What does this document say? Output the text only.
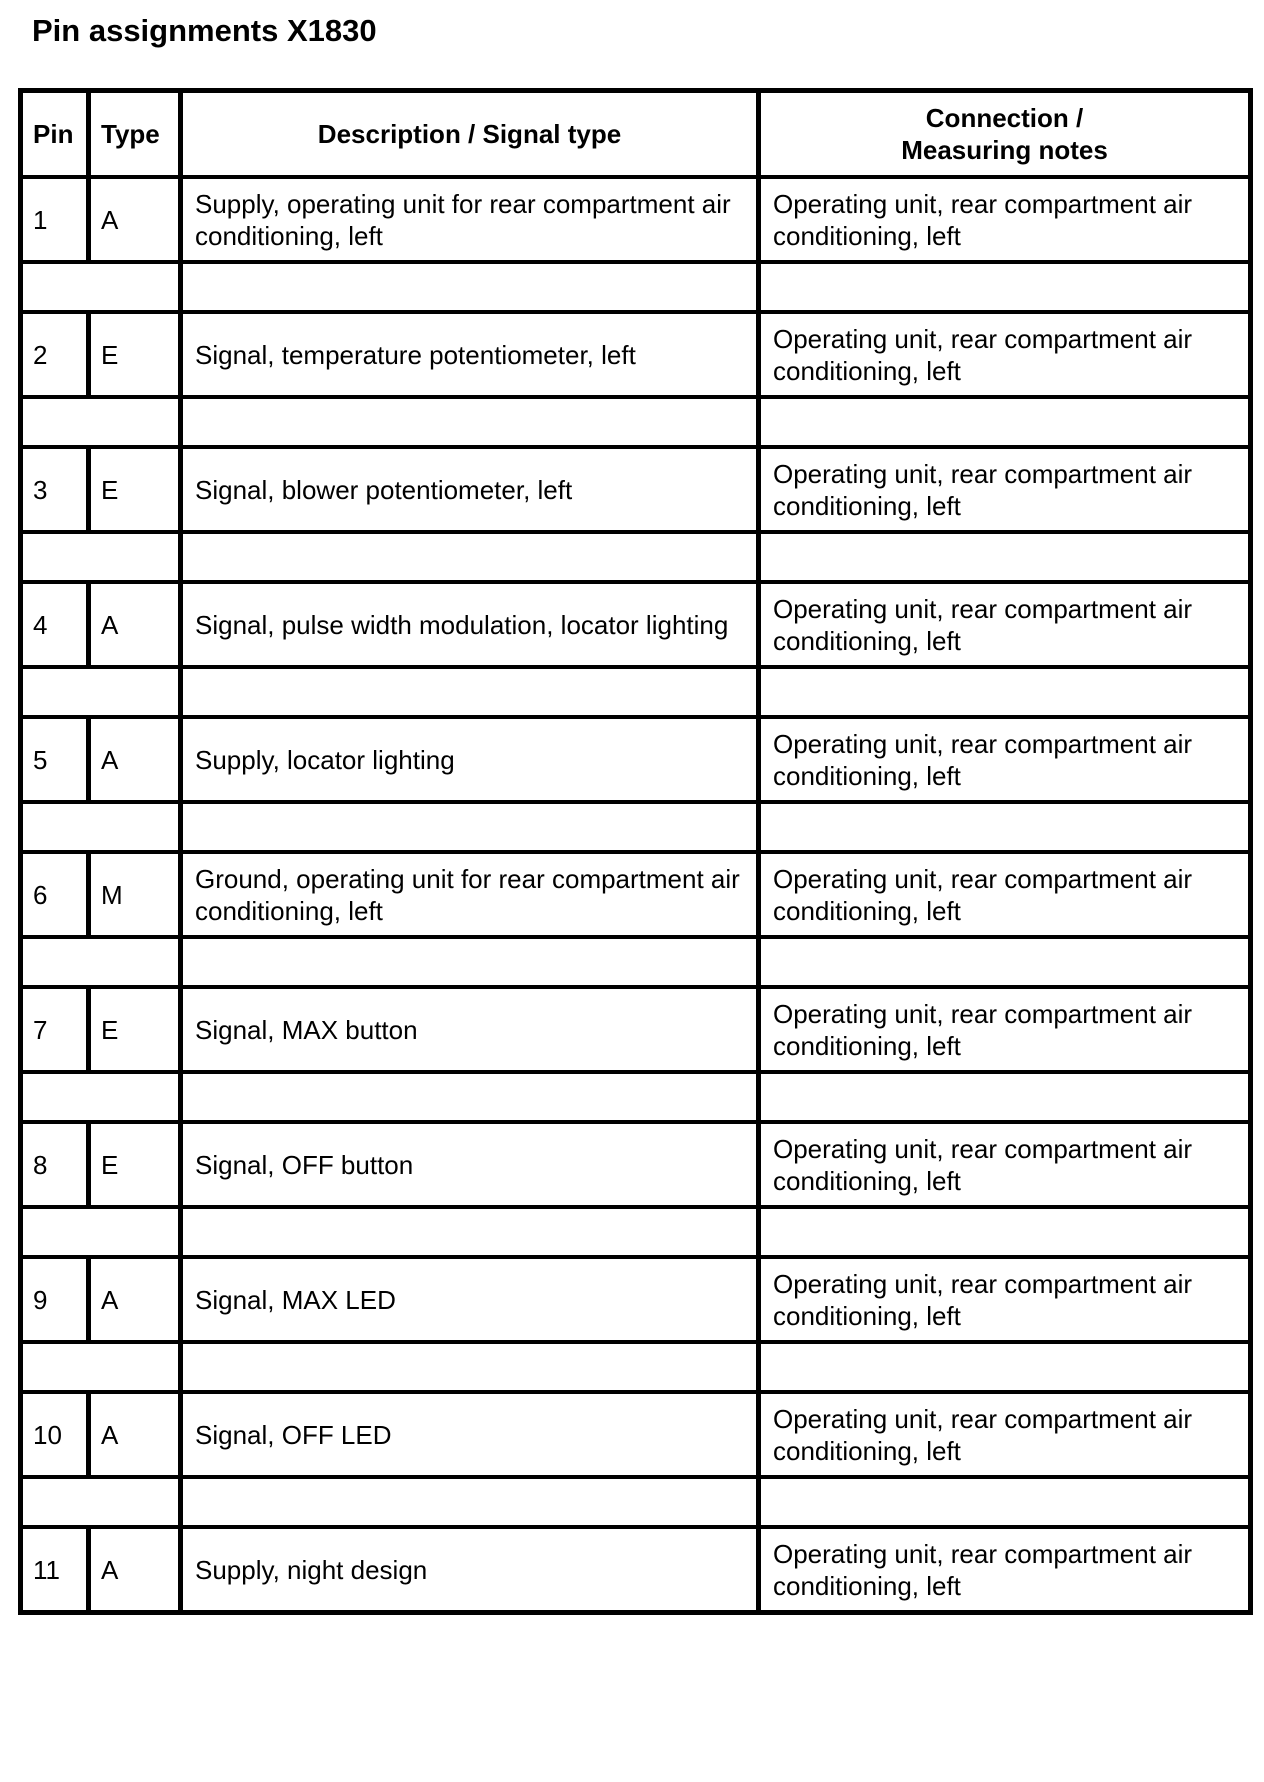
Pin assignments X1830
Pin	Type	Description / Signal type	Connection /
Measuring notes

1	A	Supply, operating unit for rear compartment air conditioning, left	Operating unit, rear compartment air conditioning, left

2	E	Signal, temperature potentiometer, left	Operating unit, rear compartment air conditioning, left

3	E	Signal, blower potentiometer, left	Operating unit, rear compartment air conditioning, left

4	A	Signal, pulse width modulation, locator lighting	Operating unit, rear compartment air conditioning, left

5	A	Supply, locator lighting	Operating unit, rear compartment air conditioning, left

6	M	Ground, operating unit for rear compartment air conditioning, left	Operating unit, rear compartment air conditioning, left

7	E	Signal, MAX button	Operating unit, rear compartment air conditioning, left

8	E	Signal, OFF button	Operating unit, rear compartment air conditioning, left

9	A	Signal, MAX LED	Operating unit, rear compartment air conditioning, left

10	A	Signal, OFF LED	Operating unit, rear compartment air conditioning, left

11	A	Supply, night design	Operating unit, rear compartment air conditioning, left
